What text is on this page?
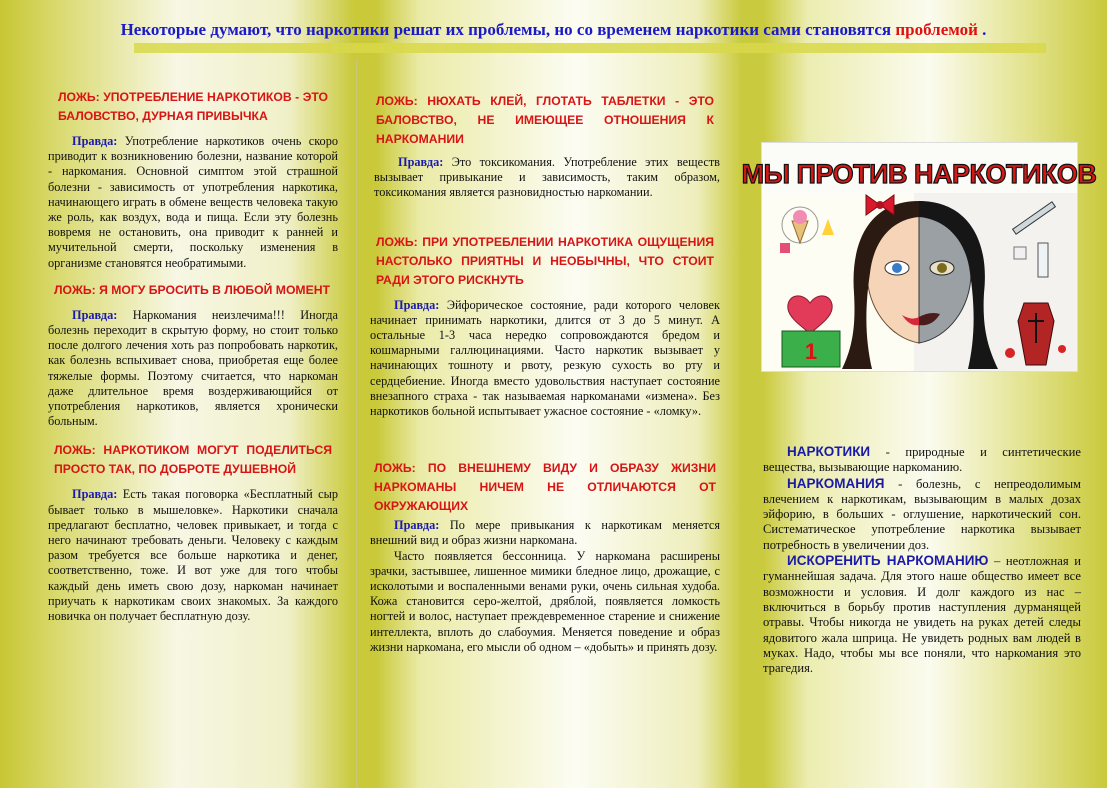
Некоторые думают, что наркотики решат их проблемы, но со временем наркотики сами становятся проблемой .

ЛОЖЬ: УПОТРЕБЛЕНИЕ НАРКОТИКОВ - ЭТО БАЛОВСТВО, ДУРНАЯ ПРИВЫЧКА

Правда: Употребление наркотиков очень скоро приводит к возникновению болезни, название которой - наркомания. Основной симптом этой страшной болезни - зависимость от употребления наркотика, начинающего играть в обмене веществ человека такую же роль, как воздух, вода и пища. Если эту болезнь вовремя не остановить, она приводит к ранней и мучительной смерти, поскольку изменения в организме становятся необратимыми.

ЛОЖЬ: Я МОГУ БРОСИТЬ В ЛЮБОЙ МОМЕНТ

Правда: Наркомания неизлечима!!! Иногда болезнь переходит в скрытую форму, но стоит только после долгого лечения хоть раз попробовать наркотик, как болезнь вспыхивает снова, приобретая еще более тяжелые формы. Поэтому считается, что наркоман даже длительное время воздерживающийся от употребления наркотиков, является хронически больным.

ЛОЖЬ: НАРКОТИКОМ МОГУТ ПОДЕЛИТЬСЯ ПРОСТО ТАК, ПО ДОБРОТЕ ДУШЕВНОЙ

Правда: Есть такая поговорка «Бесплатный сыр бывает только в мышеловке». Наркотики сначала предлагают бесплатно, человек привыкает, и тогда с него начинают требовать деньги. Человеку с каждым разом требуется все больше наркотика и денег, соответственно, тоже. И вот уже для того чтобы каждый день иметь свою дозу, наркоман начинает приучать к наркотикам своих знакомых. За каждого новичка он получает бесплатную дозу.

ЛОЖЬ: НЮХАТЬ КЛЕЙ, ГЛОТАТЬ ТАБЛЕТКИ - ЭТО БАЛОВСТВО, НЕ ИМЕЮЩЕЕ ОТНОШЕНИЯ К НАРКОМАНИИ

Правда: Это токсикомания. Употребление этих веществ вызывает привыкание и зависимость, таким образом, токсикомания является разновидностью наркомании.

ЛОЖЬ: ПРИ УПОТРЕБЛЕНИИ НАРКОТИКА ОЩУЩЕНИЯ НАСТОЛЬКО ПРИЯТНЫ И НЕОБЫЧНЫ, ЧТО СТОИТ РАДИ ЭТОГО РИСКНУТЬ

Правда: Эйфорическое состояние, ради которого человек начинает принимать наркотики, длится от 3 до 5 минут. А остальные 1-3 часа нередко сопровождаются бредом и кошмарными галлюцинациями. Часто наркотик вызывает у начинающих тошноту и рвоту, резкую сухость во рту и сердцебиение. Иногда вместо удовольствия наступает состояние внезапного страха - так называемая наркоманами «измена». Без наркотиков больной испытывает ужасное состояние - «ломку».

ЛОЖЬ: ПО ВНЕШНЕМУ ВИДУ И ОБРАЗУ ЖИЗНИ НАРКОМАНЫ НИЧЕМ НЕ ОТЛИЧАЮТСЯ ОТ ОКРУЖАЮЩИХ

Правда: По мере привыкания к наркотикам меняется внешний вид и образ жизни наркомана.

Часто появляется бессонница. У наркомана расширены зрачки, застывшее, лишенное мимики бледное лицо, дрожащие, с исколотыми и воспаленными венами руки, очень сильная худоба. Кожа становится серо-желтой, дряблой, появляется ломкость ногтей и волос, наступает преждевременное старение и снижение интеллекта, вплоть до слабоумия. Меняется поведение и образ жизни наркомана, его мысли об одном – «добыть» и принять дозу.

МЫ ПРОТИВ НАРКОТИКОВ
1

НАРКОТИКИ - природные и синтетические вещества, вызывающие наркоманию.

НАРКОМАНИЯ - болезнь, с непреодолимым влечением к наркотикам, вызывающим в малых дозах эйфорию, в больших - оглушение, наркотический сон. Систематическое употребление наркотика вызывает потребность в увеличении доз.

ИСКОРЕНИТЬ НАРКОМАНИЮ – неотложная и гуманнейшая задача. Для этого наше общество имеет все возможности и условия. И долг каждого из нас – включиться в борьбу против наступления дурманящей отравы. Чтобы никогда не увидеть на руках детей следы ядовитого жала шприца. Не увидеть родных вам людей в муках. Надо, чтобы мы все поняли, что наркомания это трагедия.
